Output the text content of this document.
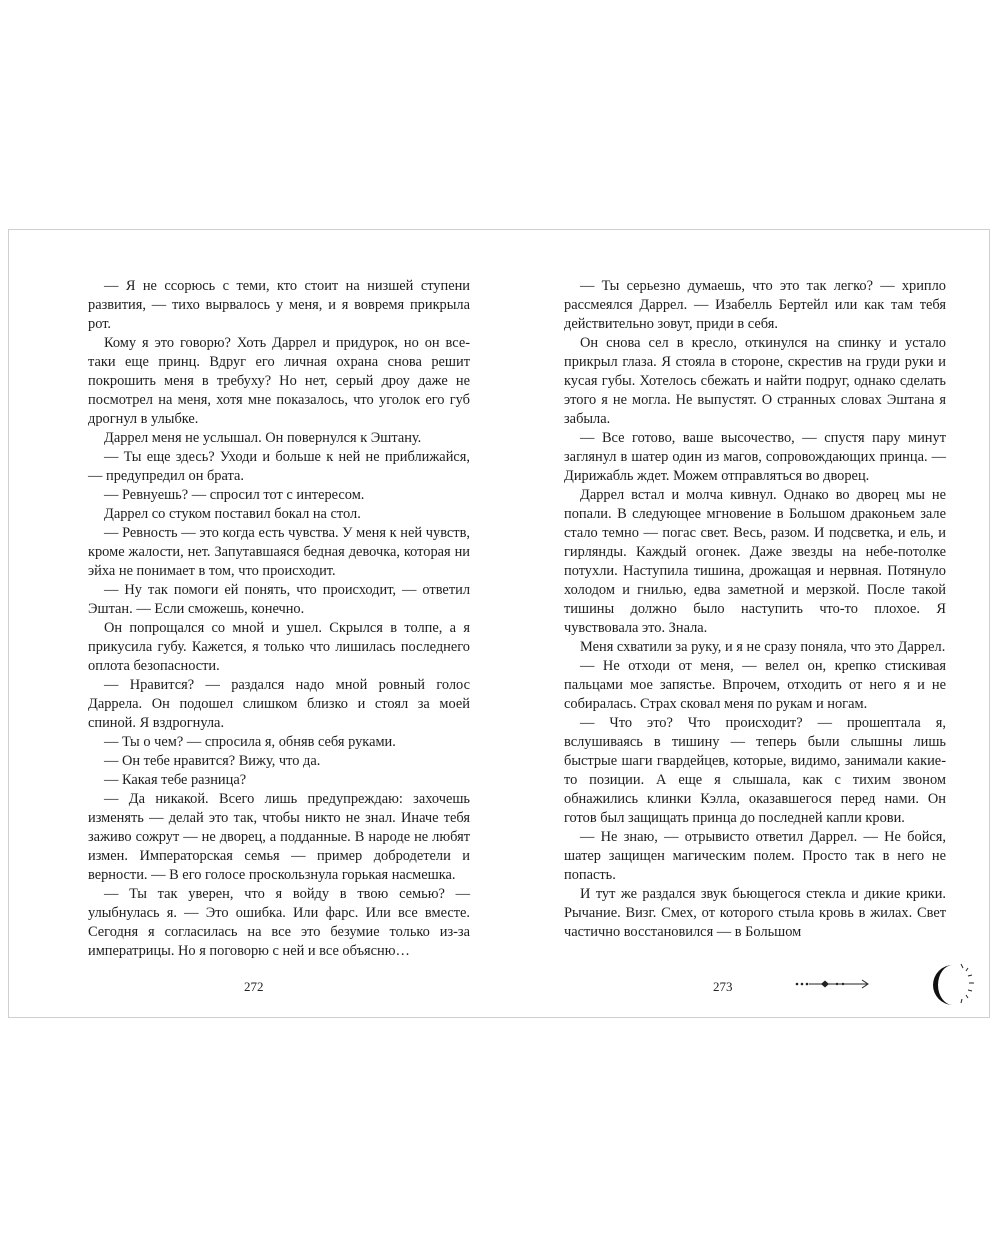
— Я не ссорюсь с теми, кто стоит на низшей ступени развития, — тихо вырвалось у меня, и я вовремя прикрыла рот.

Кому я это говорю? Хоть Даррел и придурок, но он все-таки еще принц. Вдруг его личная охрана снова решит покрошить меня в требуху? Но нет, серый дроу даже не посмотрел на меня, хотя мне показалось, что уголок его губ дрогнул в улыбке.

Даррел меня не услышал. Он повернулся к Эштану.

— Ты еще здесь? Уходи и больше к ней не приближайся, — предупредил он брата.

— Ревнуешь? — спросил тот с интересом.

Даррел со стуком поставил бокал на стол.

— Ревность — это когда есть чувства. У меня к ней чувств, кроме жалости, нет. Запутавшаяся бедная девочка, которая ни эйха не понимает в том, что происходит.

— Ну так помоги ей понять, что происходит, — ответил Эштан. — Если сможешь, конечно.

Он попрощался со мной и ушел. Скрылся в толпе, а я прикусила губу. Кажется, я только что лишилась последнего оплота безопасности.

— Нравится? — раздался надо мной ровный голос Даррела. Он подошел слишком близко и стоял за моей спиной. Я вздрогнула.

— Ты о чем? — спросила я, обняв себя руками.

— Он тебе нравится? Вижу, что да.

— Какая тебе разница?

— Да никакой. Всего лишь предупреждаю: захочешь изменять — делай это так, чтобы никто не знал. Иначе тебя заживо сожрут — не дворец, а подданные. В народе не любят измен. Императорская семья — пример добродетели и верности. — В его голосе проскользнула горькая насмешка.

— Ты так уверен, что я войду в твою семью? — улыбнулась я. — Это ошибка. Или фарс. Или все вместе. Сегодня я согласилась на все это безумие только из-за императрицы. Но я поговорю с ней и все объясню…

— Ты серьезно думаешь, что это так легко? — хрипло рассмеялся Даррел. — Изабелль Бертейл или как там тебя действительно зовут, приди в себя.

Он снова сел в кресло, откинулся на спинку и устало прикрыл глаза. Я стояла в стороне, скрестив на груди руки и кусая губы. Хотелось сбежать и найти подруг, однако сделать этого я не могла. Не выпустят. О странных словах Эштана я забыла.

— Все готово, ваше высочество, — спустя пару минут заглянул в шатер один из магов, сопровождающих принца. — Дирижабль ждет. Можем отправляться во дворец.

Даррел встал и молча кивнул. Однако во дворец мы не попали. В следующее мгновение в Большом драконьем зале стало темно — погас свет. Весь, разом. И подсветка, и ель, и гирлянды. Каждый огонек. Даже звезды на небе-потолке потухли. Наступила тишина, дрожащая и нервная. Потянуло холодом и гнилью, едва заметной и мерзкой. После такой тишины должно было наступить что-то плохое. Я чувствовала это. Знала.

Меня схватили за руку, и я не сразу поняла, что это Даррел.

— Не отходи от меня, — велел он, крепко стискивая пальцами мое запястье. Впрочем, отходить от него я и не собиралась. Страх сковал меня по рукам и ногам.

— Что это? Что происходит? — прошептала я, вслушиваясь в тишину — теперь были слышны лишь быстрые шаги гвардейцев, которые, видимо, занимали какие-то позиции. А еще я слышала, как с тихим звоном обнажились клинки Кэлла, оказавшегося перед нами. Он готов был защищать принца до последней капли крови.

— Не знаю, — отрывисто ответил Даррел. — Не бойся, шатер защищен магическим полем. Просто так в него не попасть.

И тут же раздался звук бьющегося стекла и дикие крики. Рычание. Визг. Смех, от которого стыла кровь в жилах. Свет частично восстановился — в Большом

272	273
